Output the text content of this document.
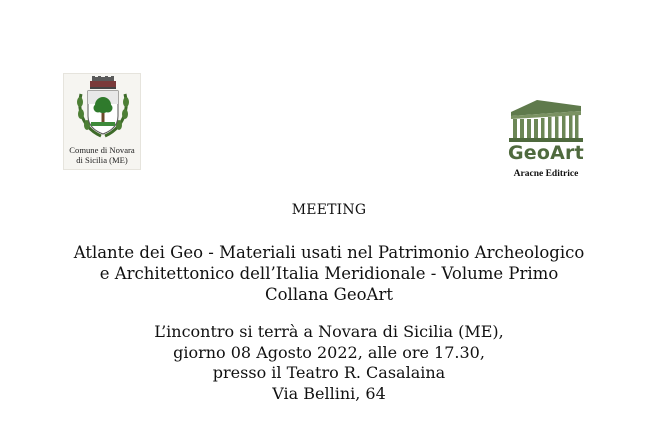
Comune di Novara
di Sicilia (ME)	GeoArt
Aracne Editrice
MEETING
Atlante dei Geo - Materiali usati nel Patrimonio Archeologico
e Architettonico dell’Italia Meridionale - Volume Primo
Collana GeoArt
L’incontro si terrà a Novara di Sicilia (ME),
giorno 08 Agosto 2022, alle ore 17.30,
presso il Teatro R. Casalaina
Via Bellini, 64
